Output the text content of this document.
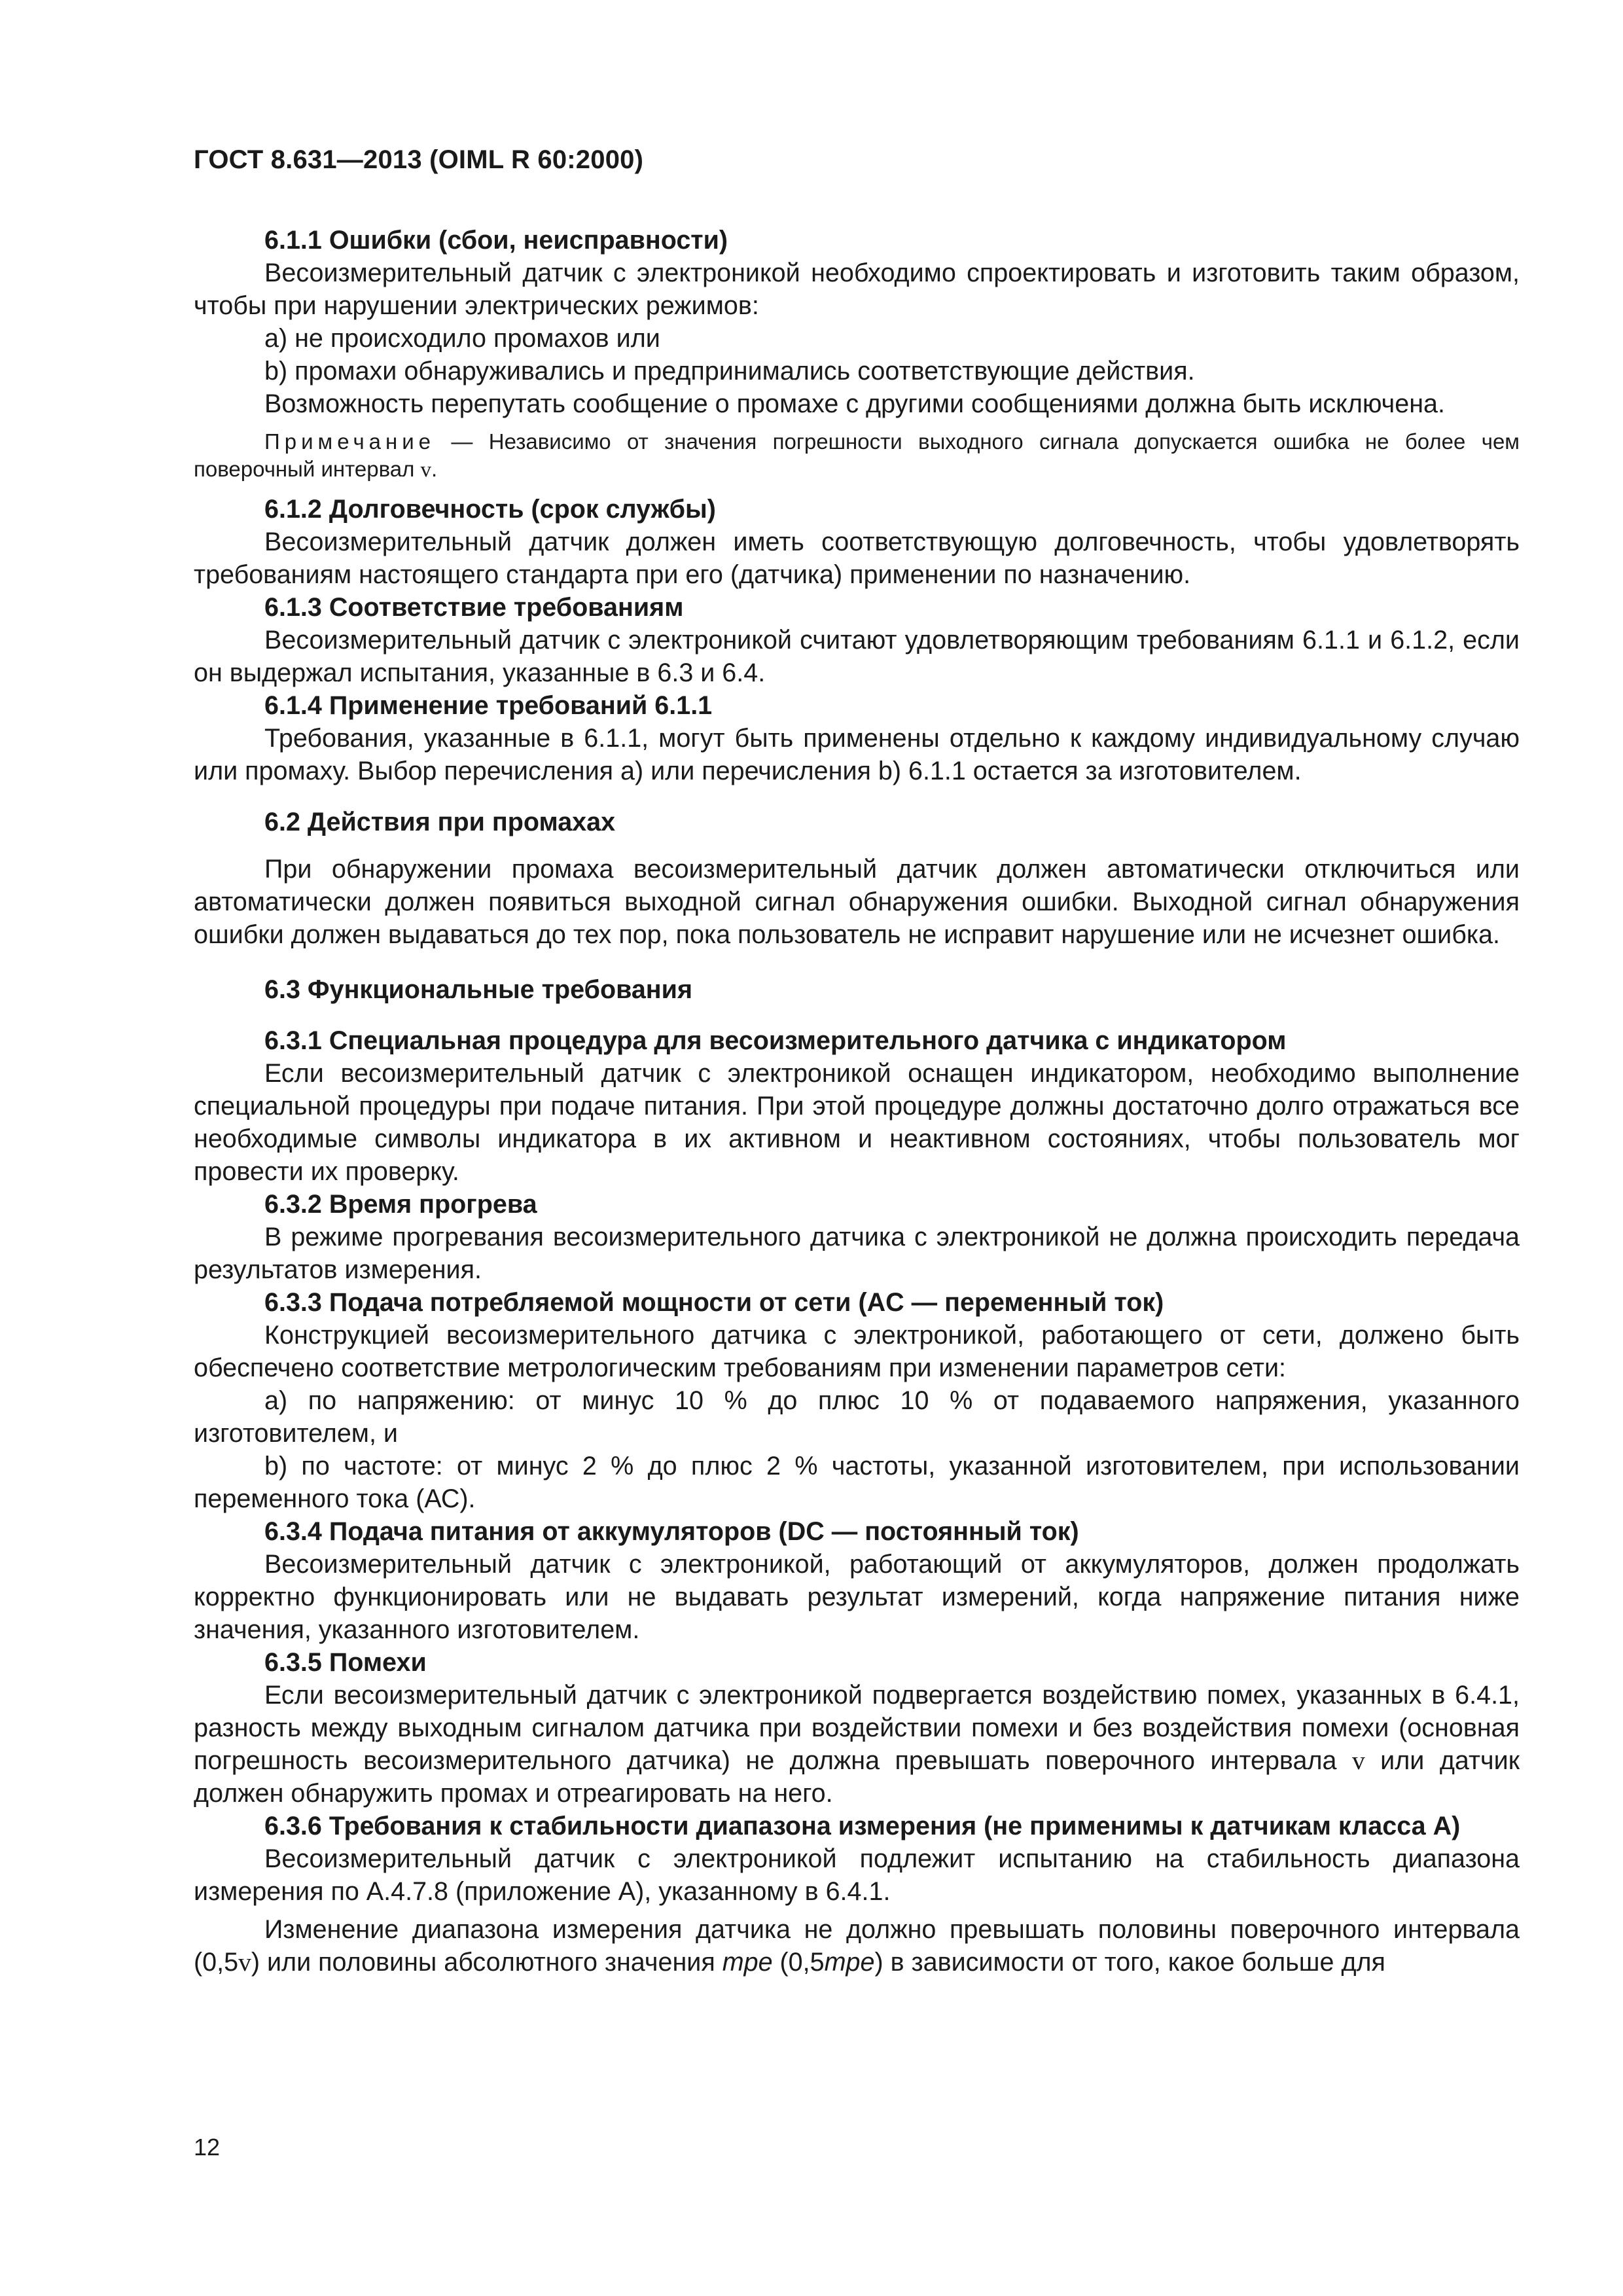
ГОСТ 8.631—2013 (OIML R 60:2000)
6.1.1 Ошибки (сбои, неисправности)

Весоизмерительный датчик с электроникой необходимо спроектировать и изготовить таким образом, чтобы при нарушении электрических режимов:

a) не происходило промахов или

b) промахи обнаруживались и предпринимались соответствующие действия.

Возможность перепутать сообщение о промахе с другими сообщениями должна быть исключена.

Примечание — Независимо от значения погрешности выходного сигнала допускается ошибка не более чем поверочный интервал v.
6.1.2 Долговечность (срок службы)

Весоизмерительный датчик должен иметь соответствующую долговечность, чтобы удовлетворять требованиям настоящего стандарта при его (датчика) применении по назначению.

6.1.3 Соответствие требованиям

Весоизмерительный датчик с электроникой считают удовлетворяющим требованиям 6.1.1 и 6.1.2, если он выдержал испытания, указанные в 6.3 и 6.4.

6.1.4 Применение требований 6.1.1

Требования, указанные в 6.1.1, могут быть применены отдельно к каждому индивидуальному случаю или промаху. Выбор перечисления а) или перечисления b) 6.1.1 остается за изготовителем.

6.2 Действия при промахах

При обнаружении промаха весоизмерительный датчик должен автоматически отключиться или автоматически должен появиться выходной сигнал обнаружения ошибки. Выходной сигнал обнаружения ошибки должен выдаваться до тех пор, пока пользователь не исправит нарушение или не исчезнет ошибка.

6.3 Функциональные требования
6.3.1 Специальная процедура для весоизмерительного датчика с индикатором

Если весоизмерительный датчик с электроникой оснащен индикатором, необходимо выполнение специальной процедуры при подаче питания. При этой процедуре должны достаточно долго отражаться все необходимые символы индикатора в их активном и неактивном состояниях, чтобы пользователь мог провести их проверку.

6.3.2 Время прогрева

В режиме прогревания весоизмерительного датчика с электроникой не должна происходить передача результатов измерения.

6.3.3 Подача потребляемой мощности от сети (AC — переменный ток)

Конструкцией весоизмерительного датчика с электроникой, работающего от сети, должено быть обеспечено соответствие метрологическим требованиям при изменении параметров сети:

a) по напряжению: от минус 10 % до плюс 10 % от подаваемого напряжения, указанного изготовителем, и

b) по частоте: от минус 2 % до плюс 2 % частоты, указанной изготовителем, при использовании переменного тока (АС).

6.3.4 Подача питания от аккумуляторов (DC — постоянный ток)

Весоизмерительный датчик с электроникой, работающий от аккумуляторов, должен продолжать корректно функционировать или не выдавать результат измерений, когда напряжение питания ниже значения, указанного изготовителем.

6.3.5 Помехи

Если весоизмерительный датчик с электроникой подвергается воздействию помех, указанных в 6.4.1, разность между выходным сигналом датчика при воздействии помехи и без воздействия помехи (основная погрешность весоизмерительного датчика) не должна превышать поверочного интервала v или датчик должен обнаружить промах и отреагировать на него.

6.3.6 Требования к стабильности диапазона измерения (не применимы к датчикам класса А)

Весоизмерительный датчик с электроникой подлежит испытанию на стабильность диапазона измерения по А.4.7.8 (приложение А), указанному в 6.4.1.

Изменение диапазона измерения датчика не должно превышать половины поверочного интервала (0,5v) или половины абсолютного значения mpe (0,5mpe) в зависимости от того, какое больше для

12
